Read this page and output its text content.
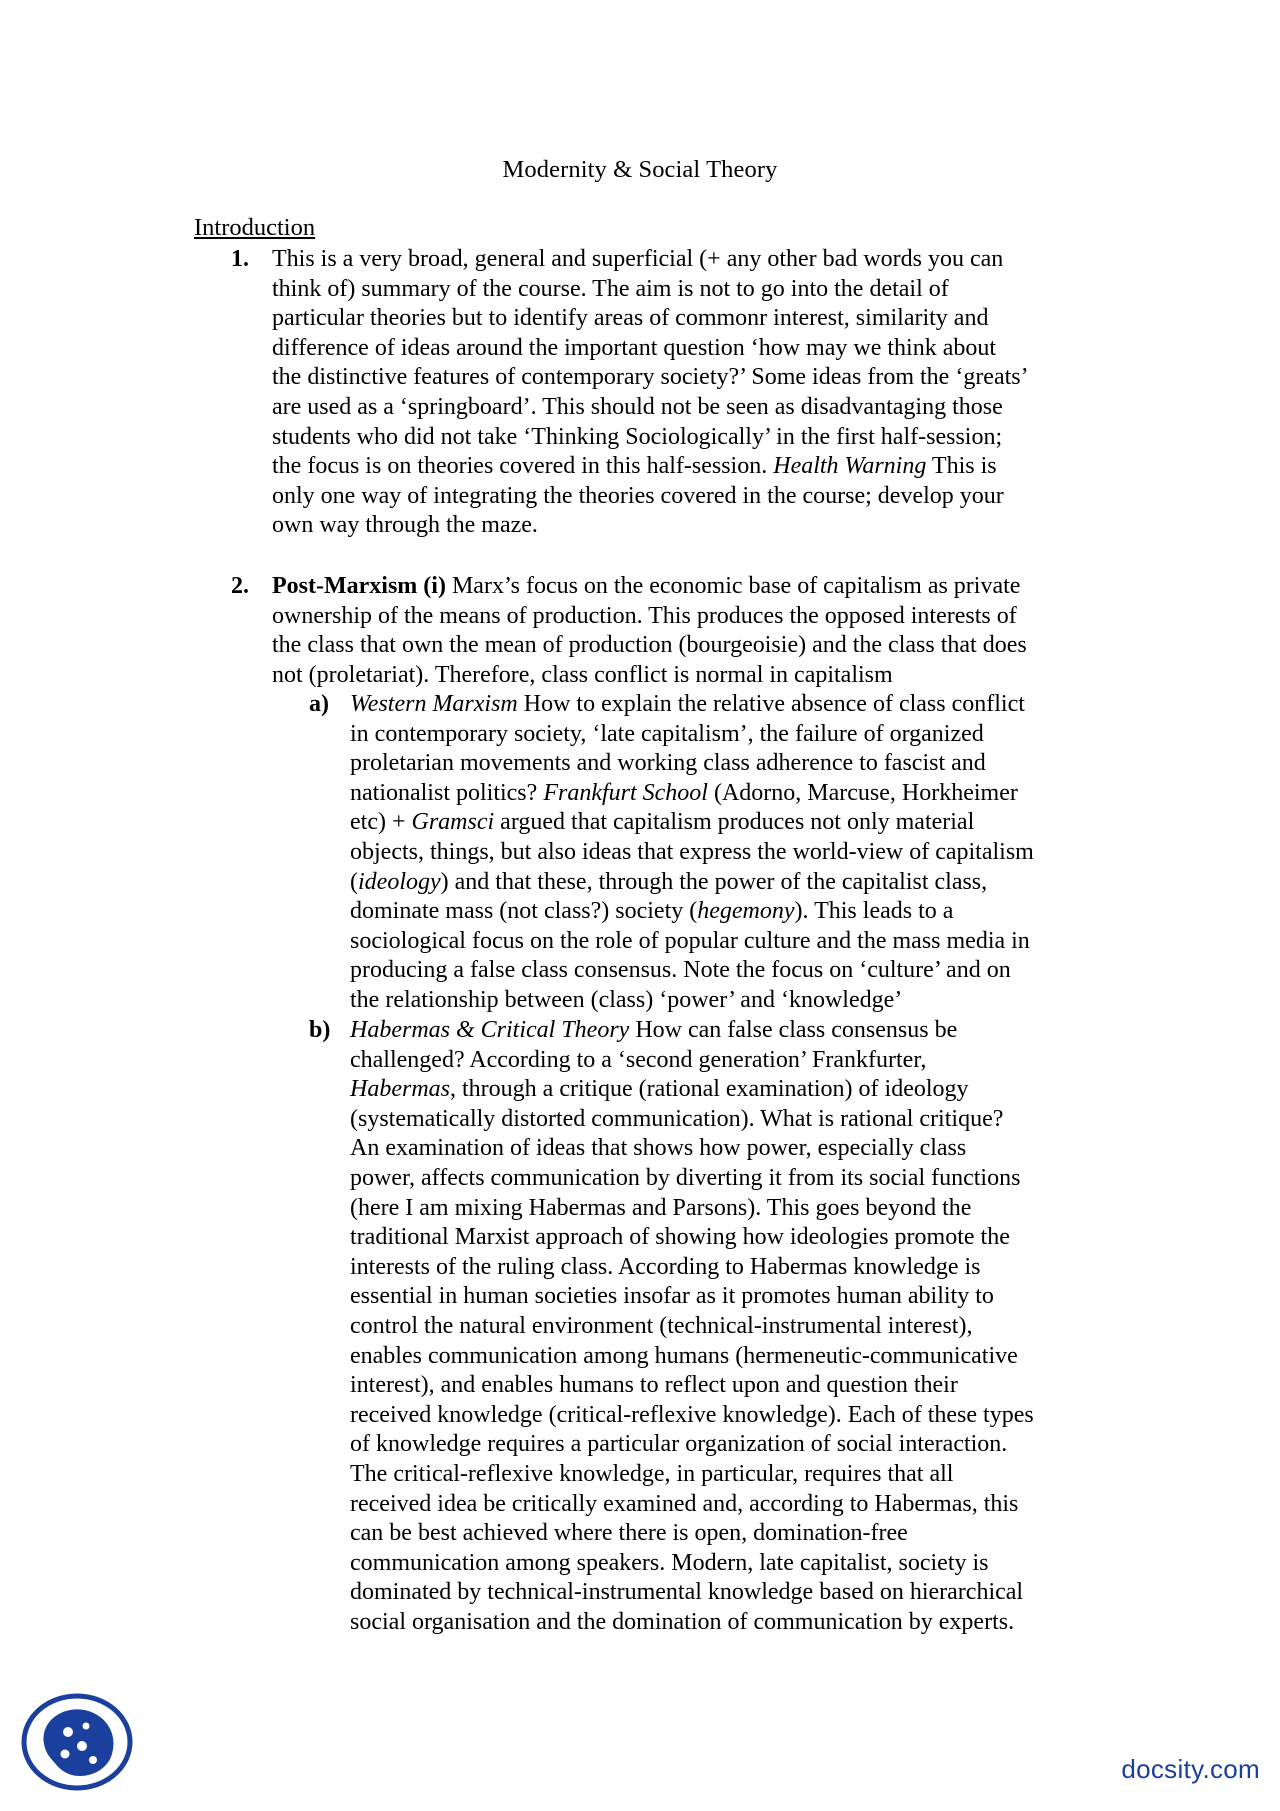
Modernity & Social Theory
Introduction
1. This is a very broad, general and superficial (+ any other bad words you can
think of) summary of the course. The aim is not to go into the detail of
particular theories but to identify areas of commonr interest, similarity and
difference of ideas around the important question ‘how may we think about
the distinctive features of contemporary society?’ Some ideas from the ‘greats’
are used as a ‘springboard’. This should not be seen as disadvantaging those
students who did not take ‘Thinking Sociologically’ in the first half-session;
the focus is on theories covered in this half-session. Health Warning This is
only one way of integrating the theories covered in the course; develop your
own way through the maze.
2. Post-Marxism (i) Marx’s focus on the economic base of capitalism as private
ownership of the means of production. This produces the opposed interests of
the class that own the mean of production (bourgeoisie) and the class that does
not (proletariat). Therefore, class conflict is normal in capitalism
a) Western Marxism How to explain the relative absence of class conflict
in contemporary society, ‘late capitalism’, the failure of organized
proletarian movements and working class adherence to fascist and
nationalist politics? Frankfurt School (Adorno, Marcuse, Horkheimer
etc) + Gramsci argued that capitalism produces not only material
objects, things, but also ideas that express the world-view of capitalism
(ideology) and that these, through the power of the capitalist class,
dominate mass (not class?) society (hegemony). This leads to a
sociological focus on the role of popular culture and the mass media in
producing a false class consensus. Note the focus on ‘culture’ and on
the relationship between (class) ‘power’ and ‘knowledge’
b) Habermas & Critical Theory How can false class consensus be
challenged? According to a ‘second generation’ Frankfurter,
Habermas, through a critique (rational examination) of ideology
(systematically distorted communication). What is rational critique?
An examination of ideas that shows how power, especially class
power, affects communication by diverting it from its social functions
(here I am mixing Habermas and Parsons). This goes beyond the
traditional Marxist approach of showing how ideologies promote the
interests of the ruling class. According to Habermas knowledge is
essential in human societies insofar as it promotes human ability to
control the natural environment (technical-instrumental interest),
enables communication among humans (hermeneutic-communicative
interest), and enables humans to reflect upon and question their
received knowledge (critical-reflexive knowledge). Each of these types
of knowledge requires a particular organization of social interaction.
The critical-reflexive knowledge, in particular, requires that all
received idea be critically examined and, according to Habermas, this
can be best achieved where there is open, domination-free
communication among speakers. Modern, late capitalist, society is
dominated by technical-instrumental knowledge based on hierarchical
social organisation and the domination of communication by experts.
docsity.com
